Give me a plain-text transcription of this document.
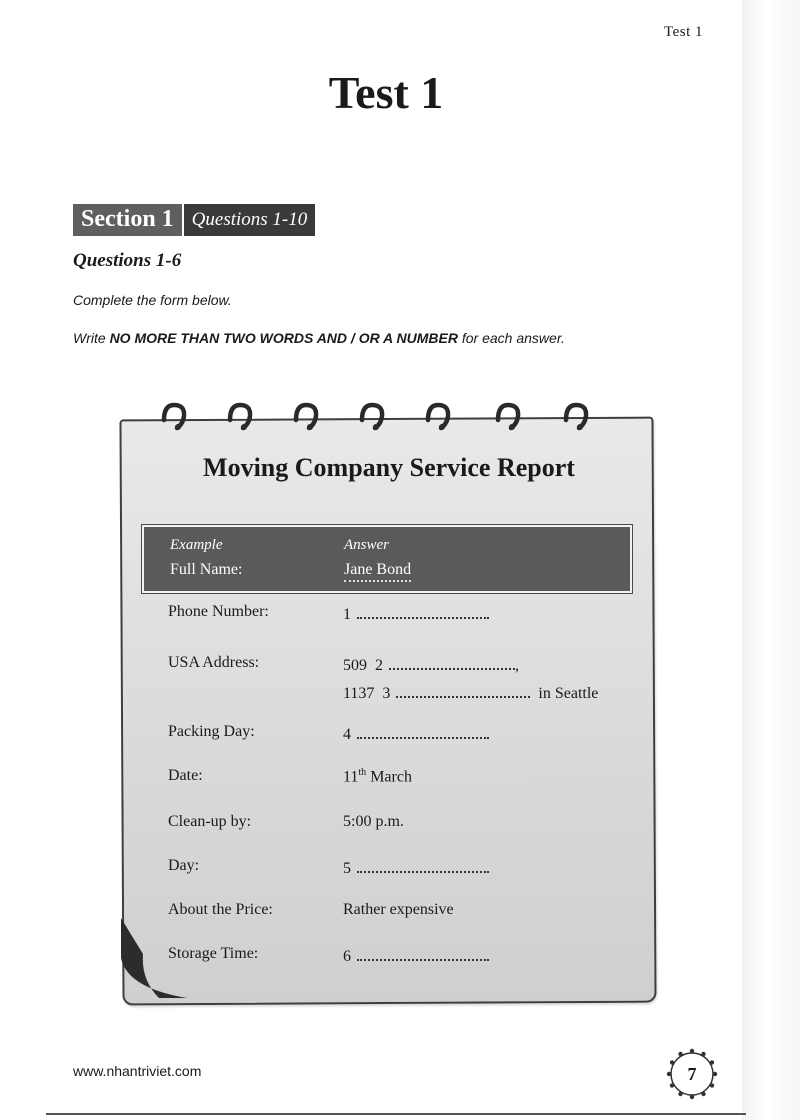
Test 1
Test 1
Section 1 Questions 1-10
Questions 1-6
Complete the form below.
Write NO MORE THAN TWO WORDS AND / OR A NUMBER for each answer.
Moving Company Service Report
Example	Answer
Full Name:	Jane Bond
Phone Number:	1
USA Address:	509 2	,
1137 3	in Seattle
Packing Day:	4
Date:	11th March
Clean-up by:	5:00 p.m.
Day:	5
About the Price:	Rather expensive
Storage Time:	6
www.nhantriviet.com	7
